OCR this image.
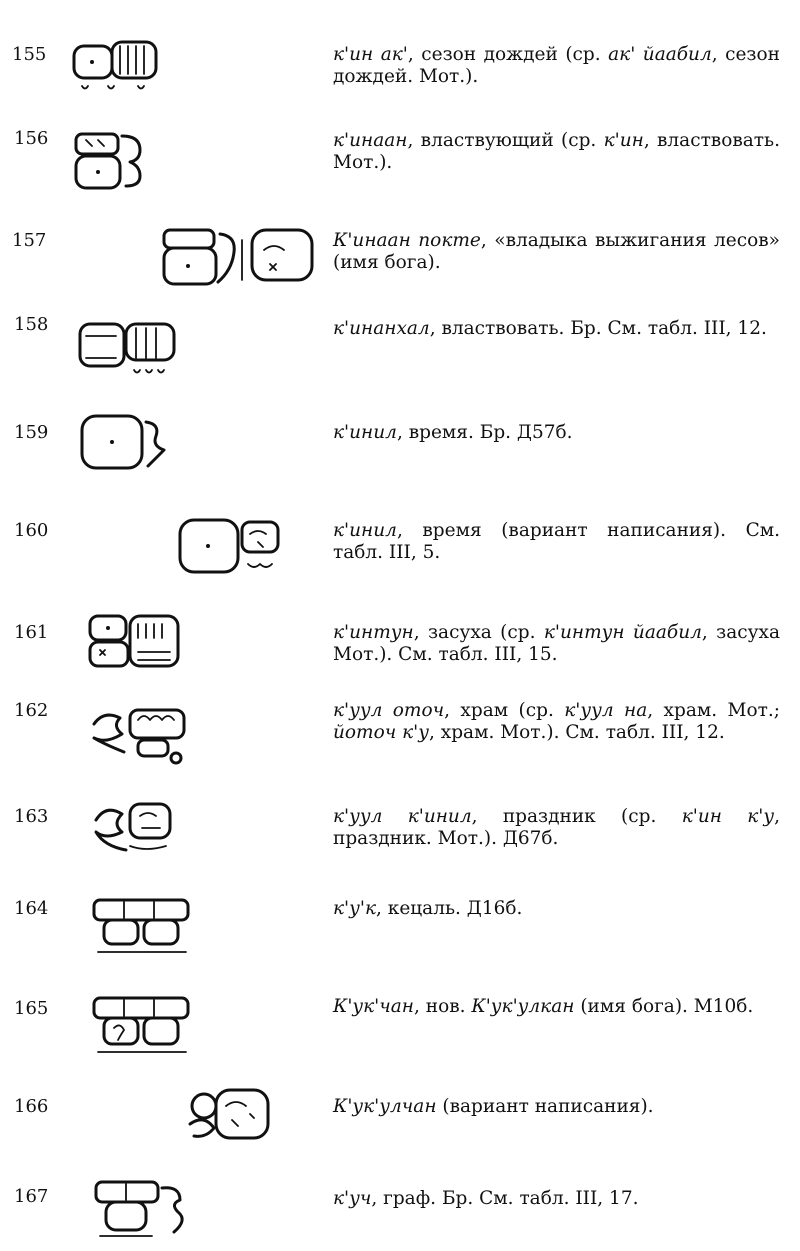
155	к'ин ак', сезон дождей (ср. ак' йаабил, сезон дождей. Мот.).
156	к'инаан, властвующий (ср. к'ин, властвовать. Мот.).
157	К'инаан покте, «владыка выжигания лесов» (имя бога).
158	к'инанхал, властвовать. Бр. См. табл. III, 12.
159	к'инил, время. Бр. Д57б.
160	к'инил, время (вариант написания). См. табл. III, 5.
161	к'интун, засуха (ср. к'интун йаабил, засуха Мот.). См. табл. III, 15.
162	к'уул оточ, храм (ср. к'уул на, храм. Мот.; йоточ к'у, храм. Мот.). См. табл. III, 12.
163	к'уул к'инил, праздник (ср. к'ин к'у, праздник. Мот.). Д67б.
164	к'у'к, кецаль. Д16б.
165	К'ук'чан, нов. К'ук'улкан (имя бога). М10б.
166	К'ук'улчан (вариант написания).
167	к'уч, граф. Бр. См. табл. III, 17.
